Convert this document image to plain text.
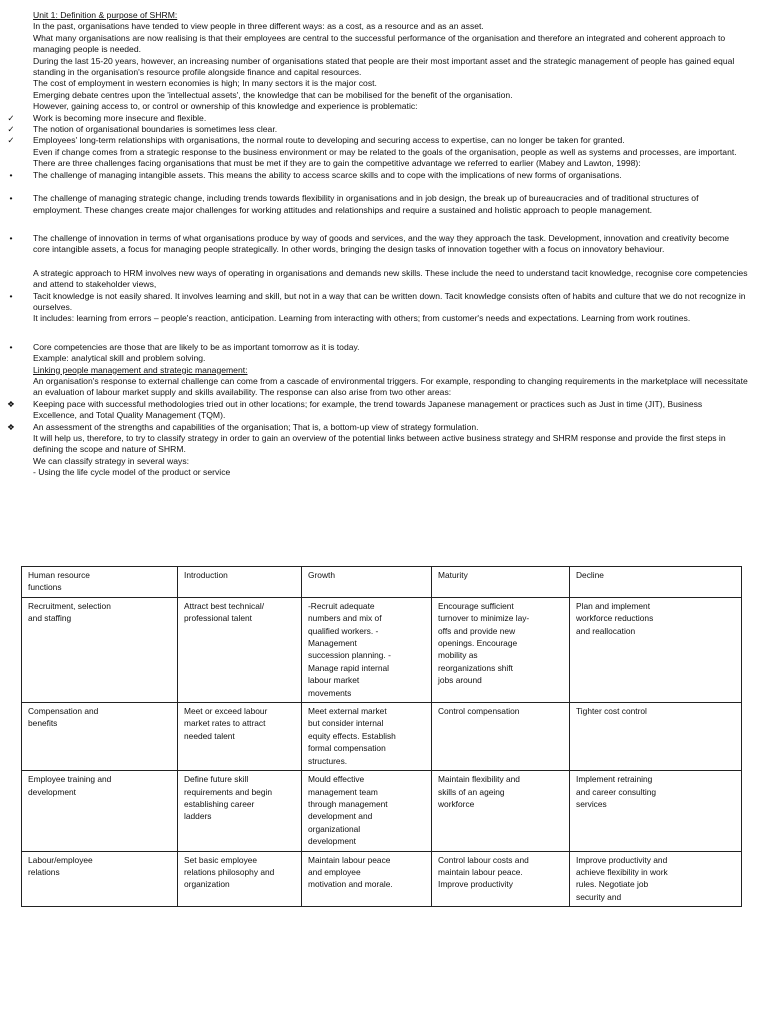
Unit 1: Definition & purpose of SHRM:
In the past, organisations have tended to view people in three different ways: as a cost, as a resource and as an asset.
What many organisations are now realising is that their employees are central to the successful performance of the organisation and therefore an integrated and coherent approach to managing people is needed.
During the last 15-20 years, however, an increasing number of organisations stated that people are their most important asset and the strategic management of people has gained equal standing in the organisation's resource profile alongside finance and capital resources.
The cost of employment in western economies is high; In many sectors it is the major cost.
Emerging debate centres upon the 'intellectual assets', the knowledge that can be mobilised for the benefit of the organisation.
However, gaining access to, or control or ownership of this knowledge and experience is problematic:
✓ Work is becoming more insecure and flexible.
✓ The notion of organisational boundaries is sometimes less clear.
✓ Employees' long-term relationships with organisations, the normal route to developing and securing access to expertise, can no longer be taken for granted.
Even if change comes from a strategic response to the business environment or may be related to the goals of the organisation, people as well as systems and processes, are important.
There are three challenges facing organisations that must be met if they are to gain the competitive advantage we referred to earlier (Mabey and Lawton, 1998):
•	The challenge of managing intangible assets. This means the ability to access scarce skills and to cope with the implications of new forms of organisations.
•	The challenge of managing strategic change, including trends towards flexibility in organisations and in job design, the break up of bureaucracies and of traditional structures of employment. These changes create major challenges for working attitudes and relationships and require a sustained and holistic approach to people management.
•	The challenge of innovation in terms of what organisations produce by way of goods and services, and the way they approach the task. Development, innovation and creativity become core intangible assets, a focus for managing people strategically. In other words, bringing the design tasks of innovation together with a focus on innovatory behaviour.
A strategic approach to HRM involves new ways of operating in organisations and demands new skills. These include the need to understand tacit knowledge, recognise core competencies and attend to stakeholder views,
•	Tacit knowledge is not easily shared. It involves learning and skill, but not in a way that can be written down. Tacit knowledge consists often of habits and culture that we do not recognize in ourselves.
It includes: learning from errors – people's reaction, anticipation. Learning from interacting with others; from customer's needs and expectations. Learning from work routines.
•	Core competencies are those that are likely to be as important tomorrow as it is today.
Example: analytical skill and problem solving.
Linking people management and strategic management:
An organisation's response to external challenge can come from a cascade of environmental triggers. For example, responding to changing requirements in the marketplace will necessitate an evaluation of labour market supply and skills availability. The response can also arise from two other areas:
❖ Keeping pace with successful methodologies tried out in other locations; for example, the trend towards Japanese management or practices such as Just in time (JIT), Business Excellence, and Total Quality Management (TQM).
❖ An assessment of the strengths and capabilities of the organisation; That is, a bottom-up view of strategy formulation.
It will help us, therefore, to try to classify strategy in order to gain an overview of the potential links between active business strategy and SHRM response and provide the first steps in defining the scope and nature of SHRM.
We can classify strategy in several ways:
- Using the life cycle model of the product or service
Human resource functions	Introduction	Growth	Maturity	Decline

Recruitment, selection and staffing	Attract best technical/ professional talent	-Recruit adequate numbers and mix of qualified workers. -Management succession planning. -Manage rapid internal labour market movements	Encourage sufficient turnover to minimize lay-offs and provide new openings. Encourage mobility as reorganizations shift jobs around	Plan and implement workforce reductions and reallocation

Compensation and benefits	Meet or exceed labour market rates to attract needed talent	Meet external market but consider internal equity effects. Establish formal compensation structures.	Control compensation	Tighter cost control

Employee training and development	Define future skill requirements and begin establishing career ladders	Mould effective management team through management development and organizational development	Maintain flexibility and skills of an ageing workforce	Implement retraining and career consulting services

Labour/employee relations	Set basic employee relations philosophy and organization	Maintain labour peace and employee motivation and morale.	Control labour costs and maintain labour peace. Improve productivity	Improve productivity and achieve flexibility in work rules. Negotiate job security and
